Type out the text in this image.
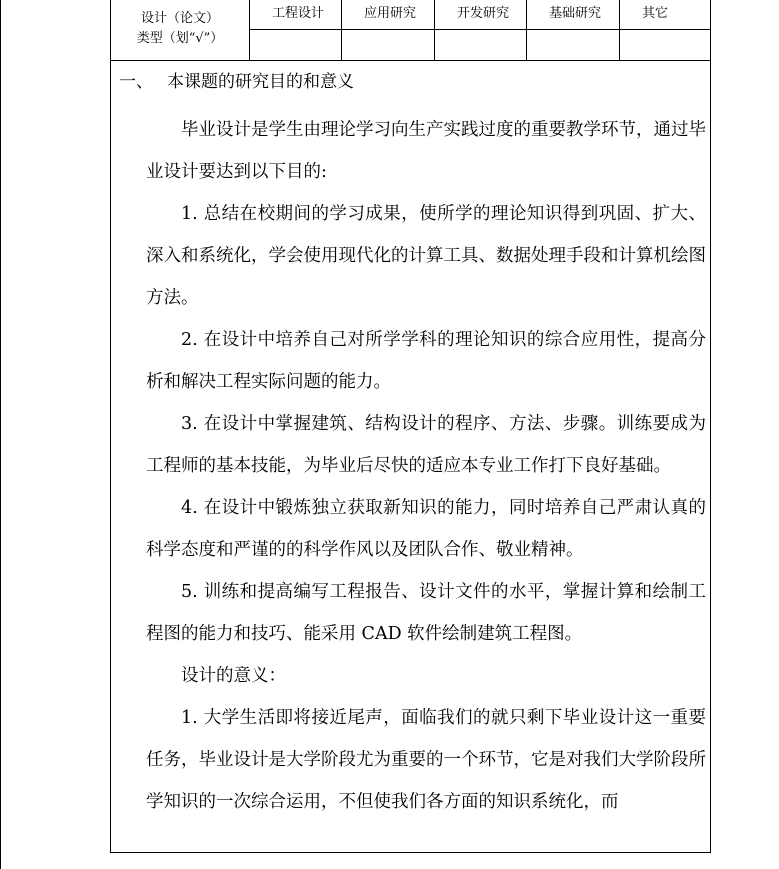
设计（论文）
类型（划“√”）
工程设计	应用研究	开发研究	基础研究	其它
一、 本课题的研究目的和意义

毕业设计是学生由理论学习向生产实践过度的重要教学环节，通过毕业设计要达到以下目的:

1. 总结在校期间的学习成果，使所学的理论知识得到巩固、扩大、深入和系统化，学会使用现代化的计算工具、数据处理手段和计算机绘图方法。

2. 在设计中培养自己对所学学科的理论知识的综合应用性，提高分析和解决工程实际问题的能力。

3. 在设计中掌握建筑、结构设计的程序、方法、步骤。训练要成为工程师的基本技能，为毕业后尽快的适应本专业工作打下良好基础。

4. 在设计中锻炼独立获取新知识的能力，同时培养自己严肃认真的科学态度和严谨的的科学作风以及团队合作、敬业精神。

5. 训练和提高编写工程报告、设计文件的水平，掌握计算和绘制工程图的能力和技巧、能采用 CAD 软件绘制建筑工程图。

设计的意义：

1. 大学生活即将接近尾声，面临我们的就只剩下毕业设计这一重要任务，毕业设计是大学阶段尤为重要的一个环节，它是对我们大学阶段所学知识的一次综合运用，不但使我们各方面的知识系统化，而
